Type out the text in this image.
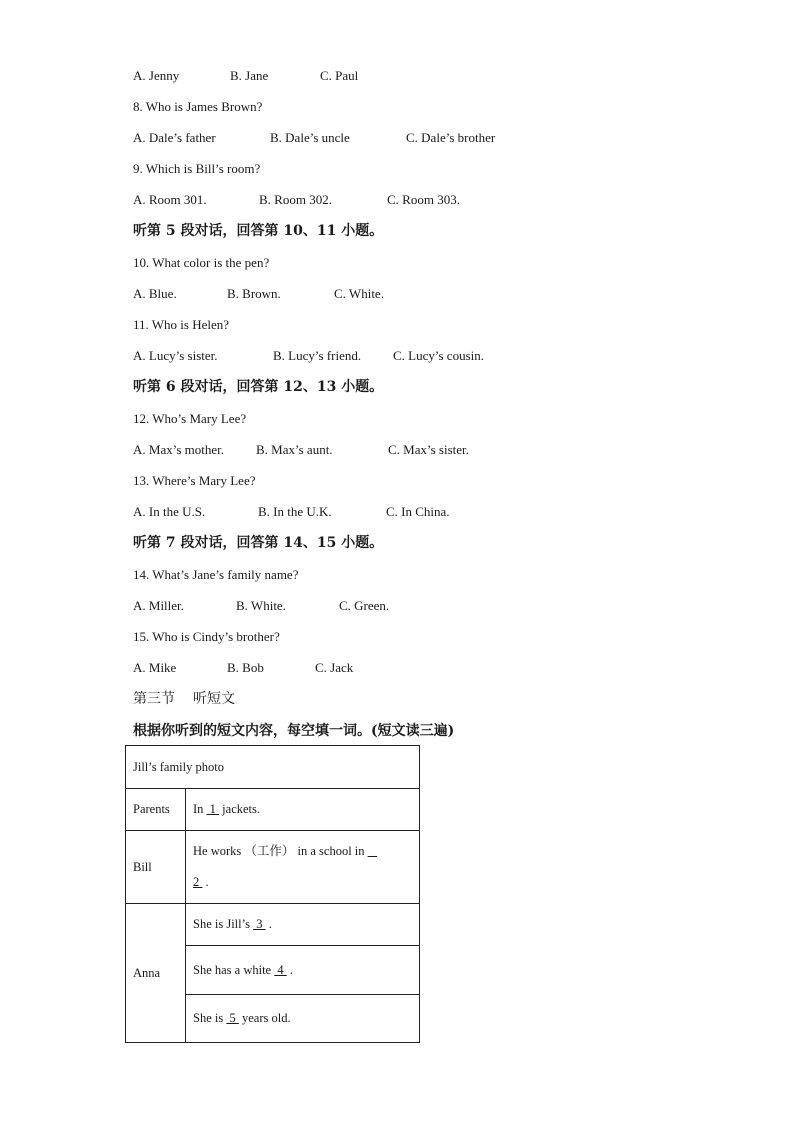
A. Jenny	B. Jane	C. Paul
8. Who is James Brown?
A. Dale’s father	B. Dale’s uncle	C. Dale’s brother
9. Which is Bill’s room?
A. Room 301.	B. Room 302.	C. Room 303.
听第 5 段对话，回答第 10、11 小题。
10. What color is the pen?
A. Blue.	B. Brown.	C. White.
11. Who is Helen?
A. Lucy’s sister.	B. Lucy’s friend. C. Lucy’s cousin.
听第 6 段对话，回答第 12、13 小题。
12. Who’s Mary Lee?
A. Max’s mother. B. Max’s aunt.	C. Max’s sister.
13. Where’s Mary Lee?
A. In the U.S.	B. In the U.K.	C. In China.
听第 7 段对话，回答第 14、15 小题。
14. What’s Jane’s family name?
A. Miller.	B. White.	C. Green.
15. Who is Cindy’s brother?
A. Mike	B. Bob	C. Jack
第三节 听短文
根据你听到的短文内容，每空填一词。(短文读三遍)
Jill’s family photo	
Parents	In  1  jackets.
Bill	He works （工作） in a school in  _
2  .
Anna	She is Jill’s  3  .
	She has a white  4  .
	She is  5  years old.
